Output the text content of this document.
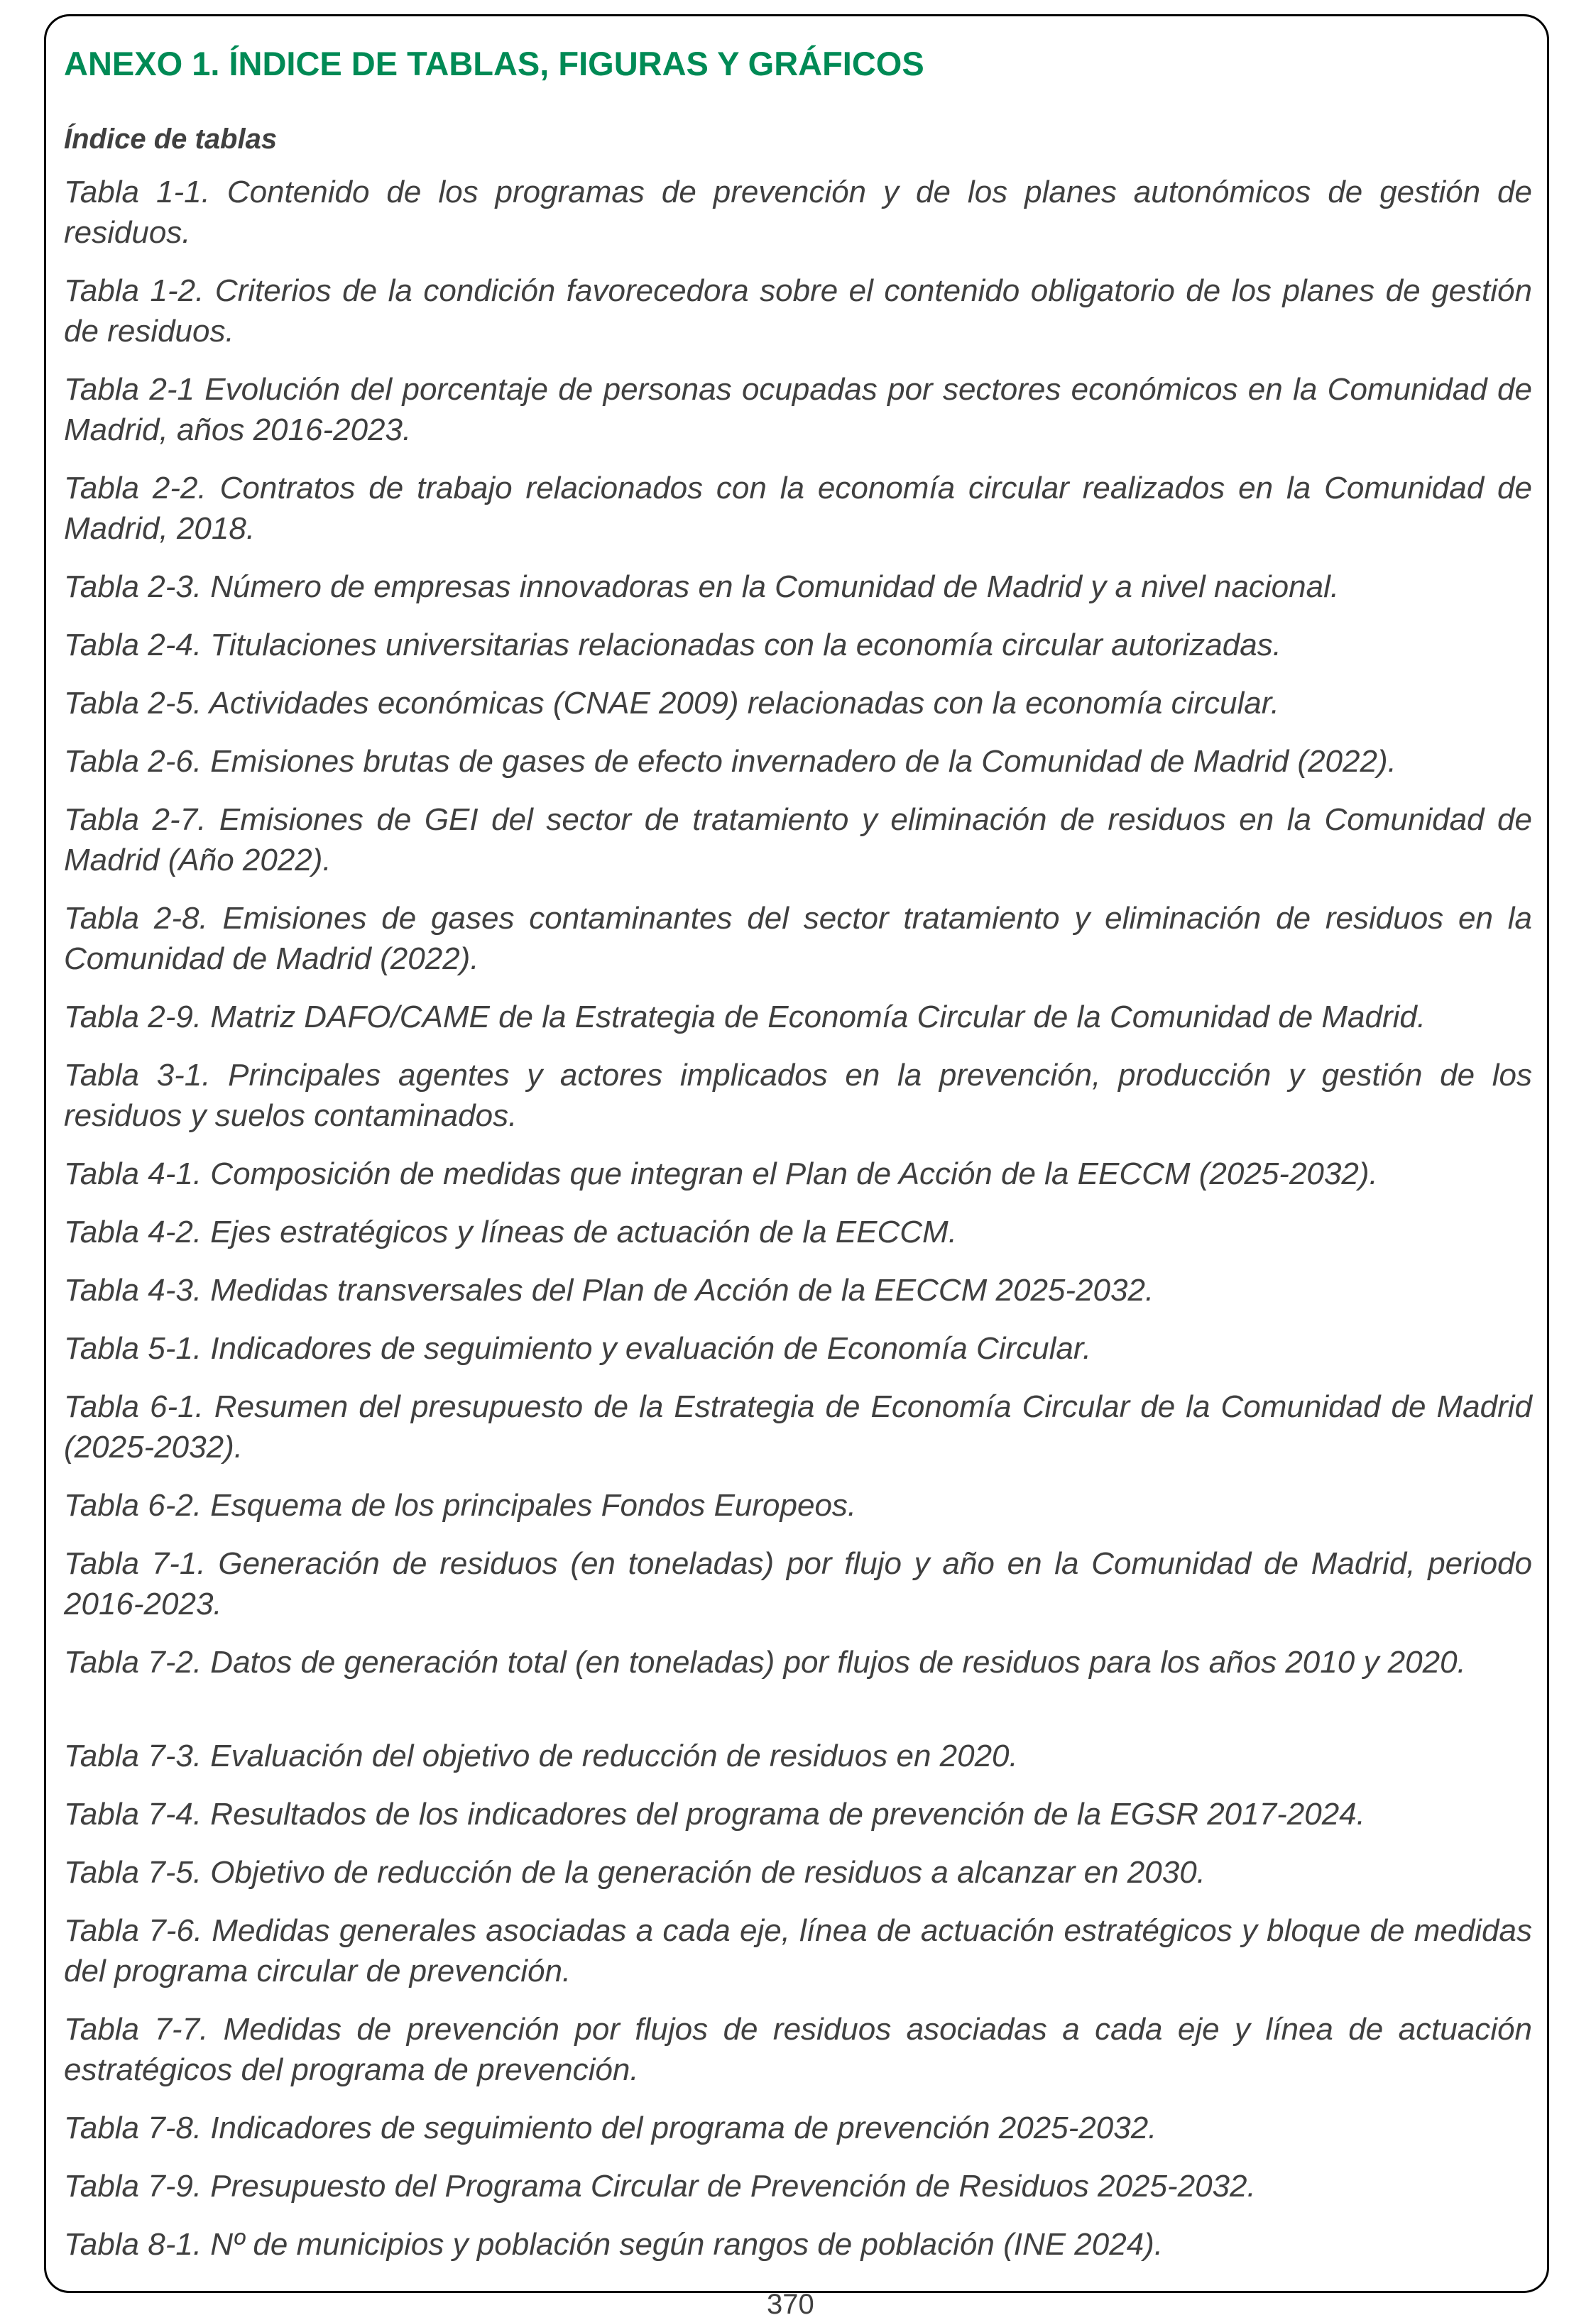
ANEXO 1. ÍNDICE DE TABLAS, FIGURAS Y GRÁFICOS
Índice de tablas

Tabla 1-1. Contenido de los programas de prevención y de los planes autonómicos de gestión de residuos.

Tabla 1-2. Criterios de la condición favorecedora sobre el contenido obligatorio de los planes de gestión de residuos.

Tabla 2-1 Evolución del porcentaje de personas ocupadas por sectores económicos en la Comunidad de Madrid, años 2016-2023.

Tabla 2-2. Contratos de trabajo relacionados con la economía circular realizados en la Comunidad de Madrid, 2018.

Tabla 2-3. Número de empresas innovadoras en la Comunidad de Madrid y a nivel nacional.

Tabla 2-4. Titulaciones universitarias relacionadas con la economía circular autorizadas.

Tabla 2-5. Actividades económicas (CNAE 2009) relacionadas con la economía circular.

Tabla 2-6. Emisiones brutas de gases de efecto invernadero de la Comunidad de Madrid (2022).

Tabla 2-7. Emisiones de GEI del sector de tratamiento y eliminación de residuos en la Comunidad de Madrid (Año 2022).

Tabla 2-8. Emisiones de gases contaminantes del sector tratamiento y eliminación de residuos en la Comunidad de Madrid (2022).

Tabla 2-9. Matriz DAFO/CAME de la Estrategia de Economía Circular de la Comunidad de Madrid.

Tabla 3-1. Principales agentes y actores implicados en la prevención, producción y gestión de los residuos y suelos contaminados.

Tabla 4-1. Composición de medidas que integran el Plan de Acción de la EECCM (2025-2032).

Tabla 4-2. Ejes estratégicos y líneas de actuación de la EECCM.

Tabla 4-3. Medidas transversales del Plan de Acción de la EECCM 2025-2032.

Tabla 5-1. Indicadores de seguimiento y evaluación de Economía Circular.

Tabla 6-1. Resumen del presupuesto de la Estrategia de Economía Circular de la Comunidad de Madrid (2025-2032).

Tabla 6-2. Esquema de los principales Fondos Europeos.

Tabla 7-1. Generación de residuos (en toneladas) por flujo y año en la Comunidad de Madrid, periodo 2016-2023.

Tabla 7-2. Datos de generación total (en toneladas) por flujos de residuos para los años 2010 y 2020.

Tabla 7-3. Evaluación del objetivo de reducción de residuos en 2020.

Tabla 7-4. Resultados de los indicadores del programa de prevención de la EGSR 2017-2024.

Tabla 7-5. Objetivo de reducción de la generación de residuos a alcanzar en 2030.

Tabla 7-6. Medidas generales asociadas a cada eje, línea de actuación estratégicos y bloque de medidas del programa circular de prevención.

Tabla 7-7. Medidas de prevención por flujos de residuos asociadas a cada eje y línea de actuación estratégicos del programa de prevención.

Tabla 7-8. Indicadores de seguimiento del programa de prevención 2025-2032.

Tabla 7-9. Presupuesto del Programa Circular de Prevención de Residuos 2025-2032.

Tabla 8-1. Nº de municipios y población según rangos de población (INE 2024).

370
